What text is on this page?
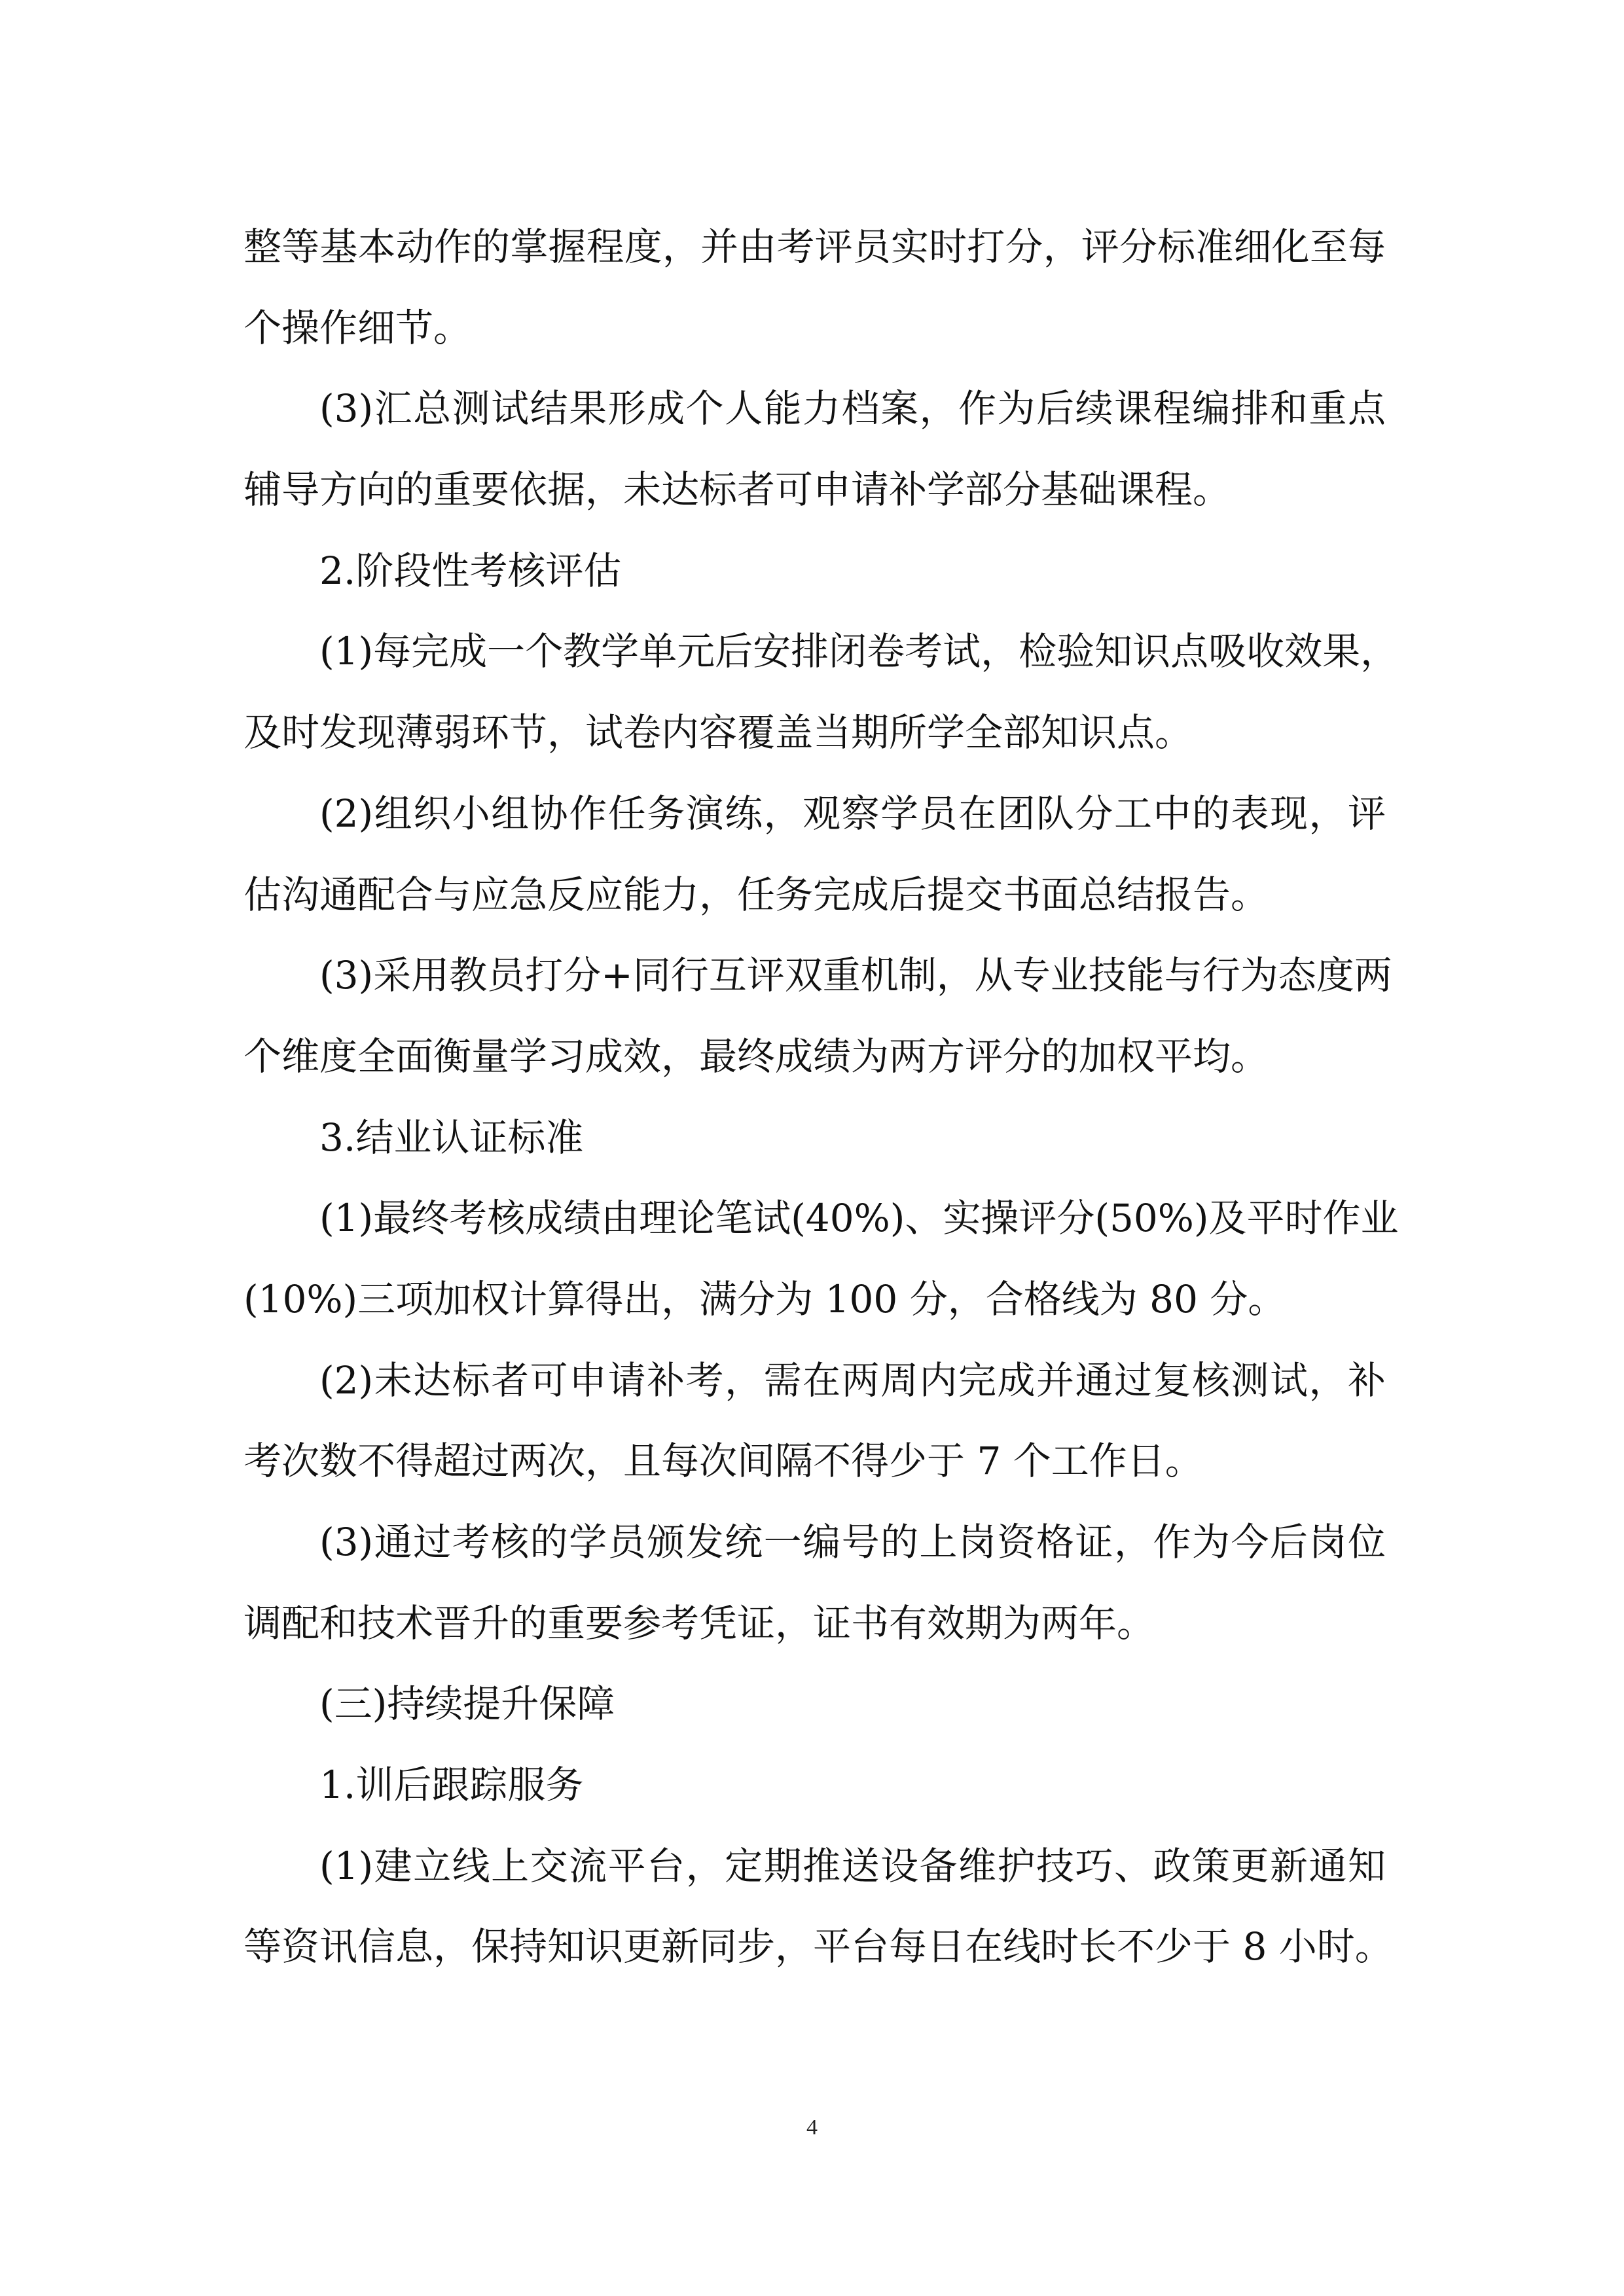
整等基本动作的掌握程度，并由考评员实时打分，评分标准细化至每
个操作细节。
(3)汇总测试结果形成个人能力档案，作为后续课程编排和重点
辅导方向的重要依据，未达标者可申请补学部分基础课程。
2.阶段性考核评估
(1)每完成一个教学单元后安排闭卷考试，检验知识点吸收效果，
及时发现薄弱环节，试卷内容覆盖当期所学全部知识点。
(2)组织小组协作任务演练，观察学员在团队分工中的表现，评
估沟通配合与应急反应能力，任务完成后提交书面总结报告。
(3)采用教员打分+同行互评双重机制，从专业技能与行为态度两
个维度全面衡量学习成效，最终成绩为两方评分的加权平均。
3.结业认证标准
(1)最终考核成绩由理论笔试(40%)、实操评分(50%)及平时作业
(10%)三项加权计算得出，满分为 100 分，合格线为 80 分。
(2)未达标者可申请补考，需在两周内完成并通过复核测试，补
考次数不得超过两次，且每次间隔不得少于 7 个工作日。
(3)通过考核的学员颁发统一编号的上岗资格证，作为今后岗位
调配和技术晋升的重要参考凭证，证书有效期为两年。
(三)持续提升保障
1.训后跟踪服务
(1)建立线上交流平台，定期推送设备维护技巧、政策更新通知
等资讯信息，保持知识更新同步，平台每日在线时长不少于 8 小时。
4
